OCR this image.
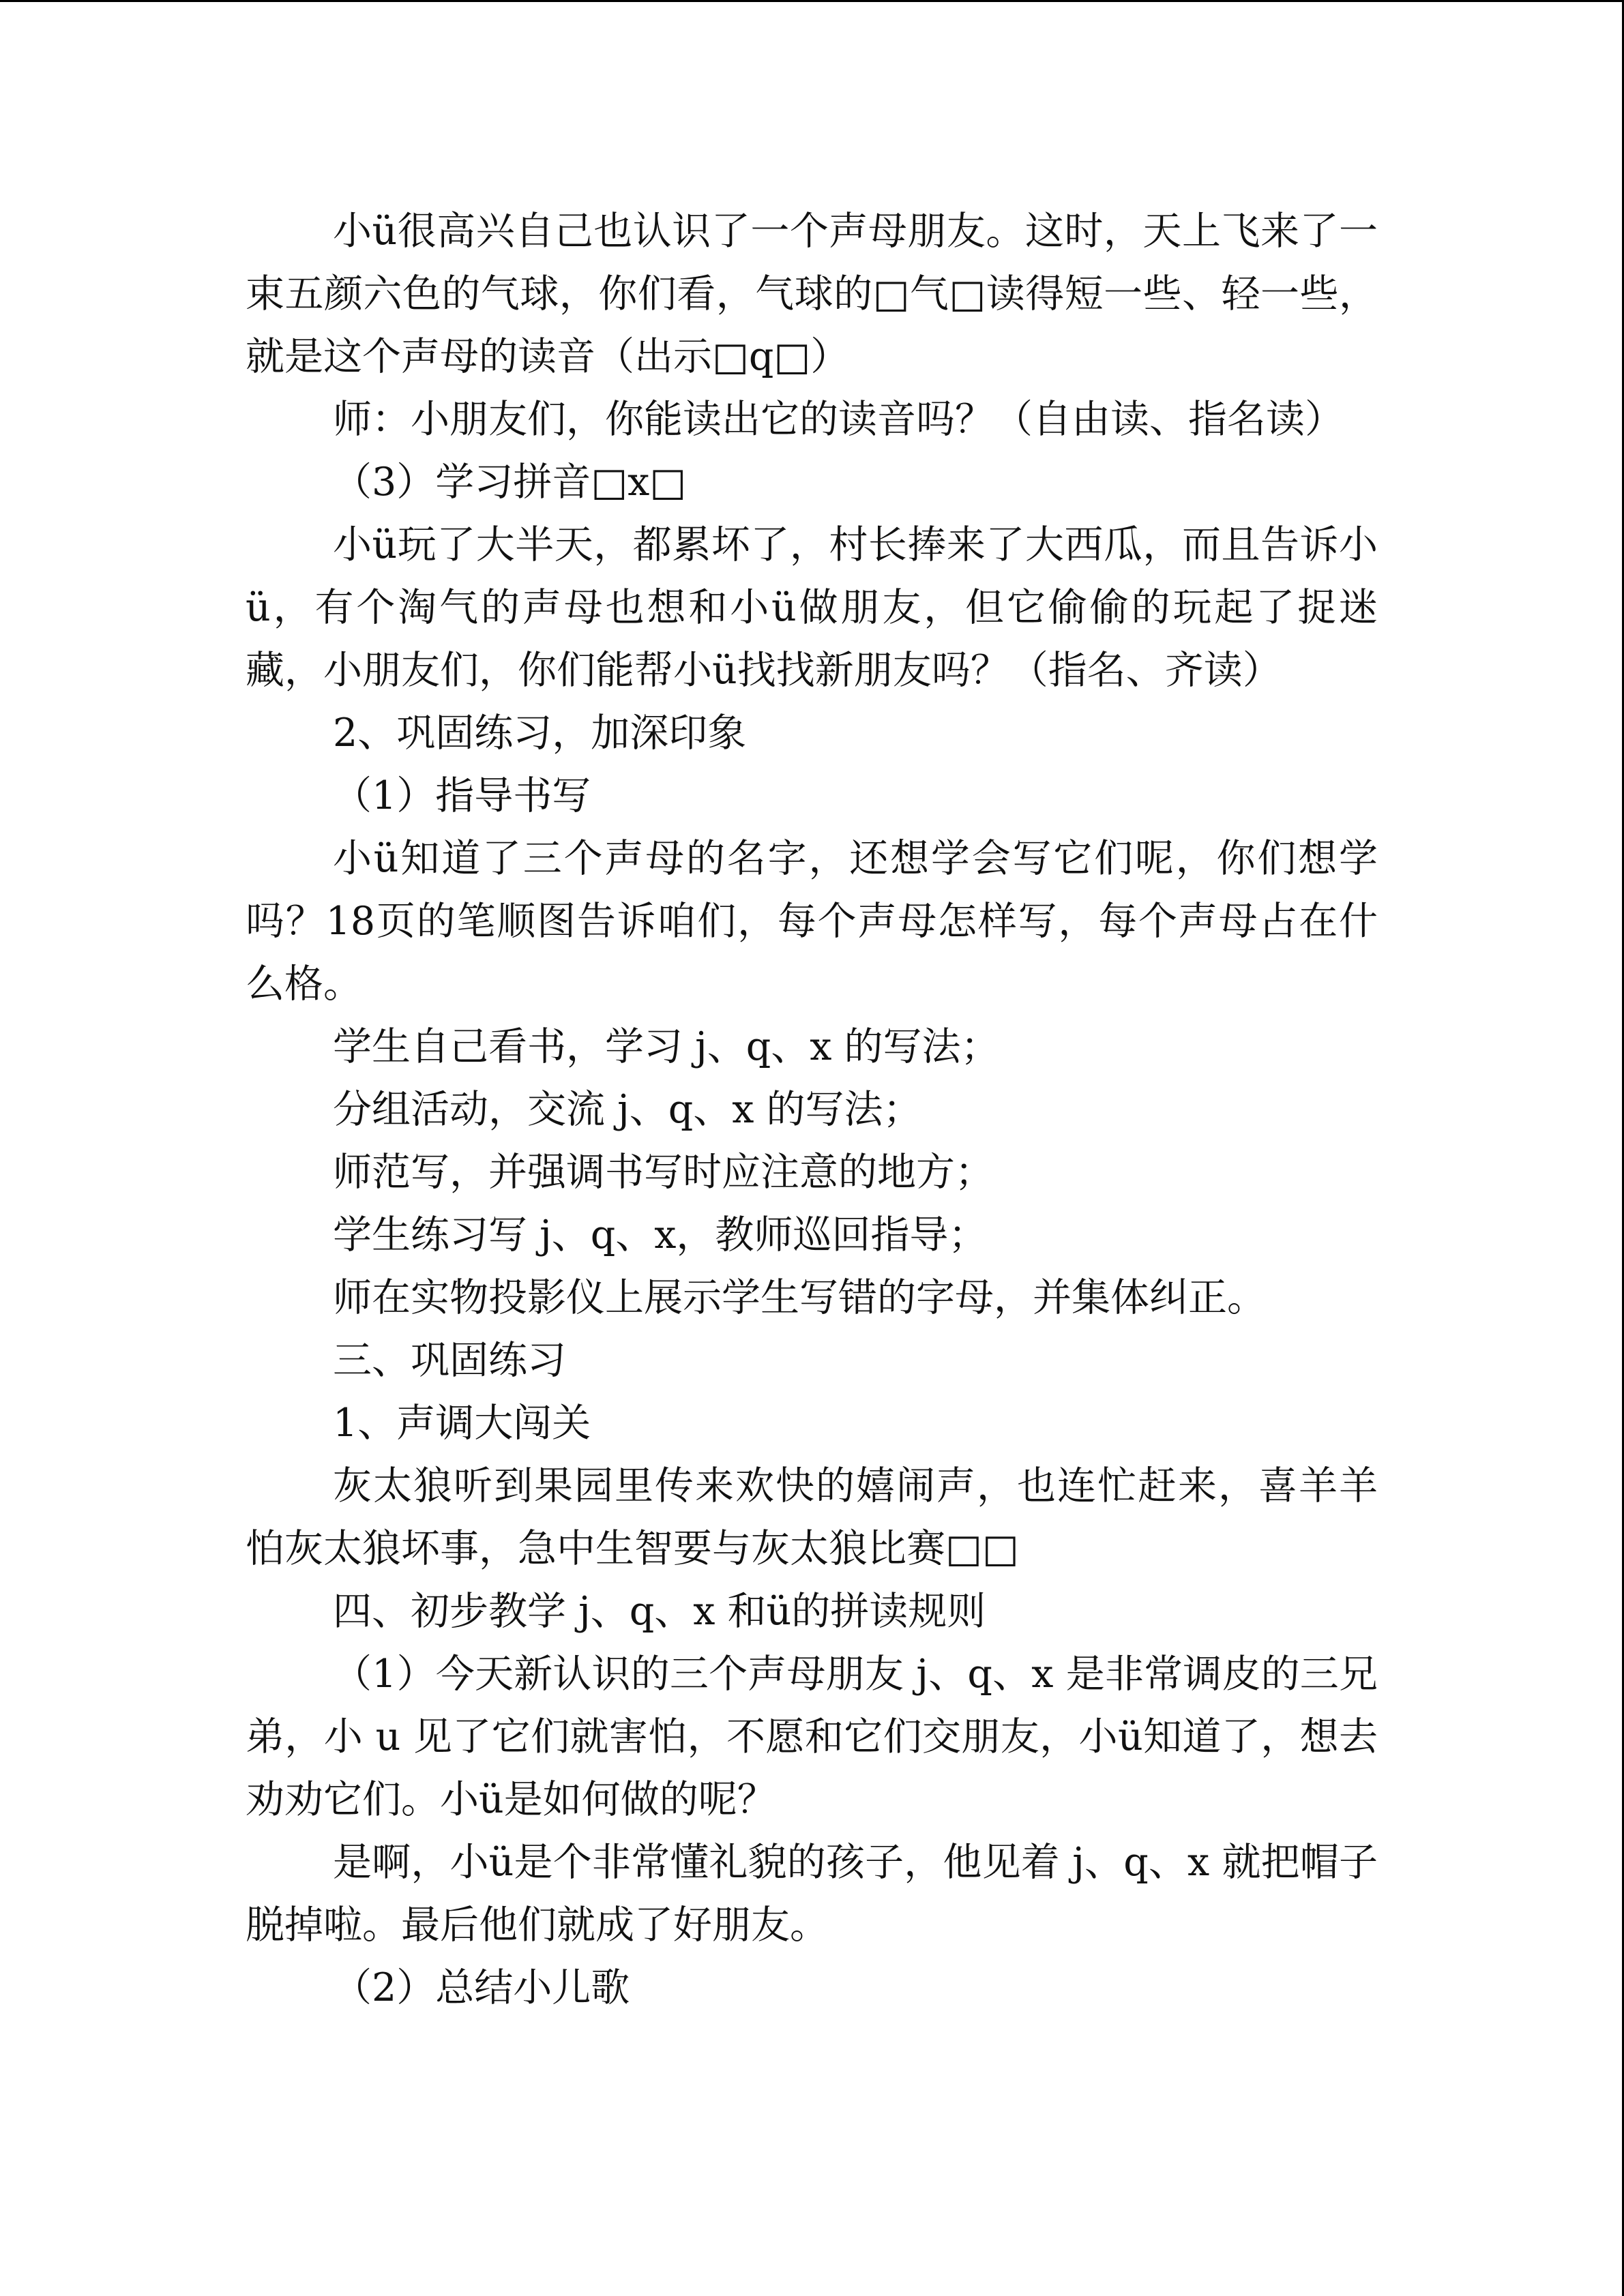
小ü很高兴自己也认识了一个声母朋友。这时，天上飞来了一束五颜六色的气球，你们看，气球的□气□读得短一些、轻一些，就是这个声母的读音（出示□q□）

师：小朋友们，你能读出它的读音吗？（自由读、指名读）

（3）学习拼音□x□

小ü玩了大半天，都累坏了，村长捧来了大西瓜，而且告诉小ü，有个淘气的声母也想和小ü做朋友，但它偷偷的玩起了捉迷藏，小朋友们，你们能帮小ü找找新朋友吗？（指名、齐读）

2、巩固练习，加深印象

（1）指导书写

小ü知道了三个声母的名字，还想学会写它们呢，你们想学吗？18页的笔顺图告诉咱们，每个声母怎样写，每个声母占在什么格。

学生自己看书，学习 j、q、x 的写法；

分组活动，交流 j、q、x 的写法；

师范写，并强调书写时应注意的地方；

学生练习写 j、q、x，教师巡回指导；

师在实物投影仪上展示学生写错的字母，并集体纠正。

三、巩固练习

1、声调大闯关

灰太狼听到果园里传来欢快的嬉闹声，也连忙赶来，喜羊羊怕灰太狼坏事，急中生智要与灰太狼比赛□□

四、初步教学 j、q、x 和ü的拼读规则

（1）今天新认识的三个声母朋友 j、q、x 是非常调皮的三兄弟，小 u 见了它们就害怕，不愿和它们交朋友，小ü知道了，想去劝劝它们。小ü是如何做的呢？

是啊，小ü是个非常懂礼貌的孩子，他见着 j、q、x 就把帽子脱掉啦。最后他们就成了好朋友。

（2）总结小儿歌
